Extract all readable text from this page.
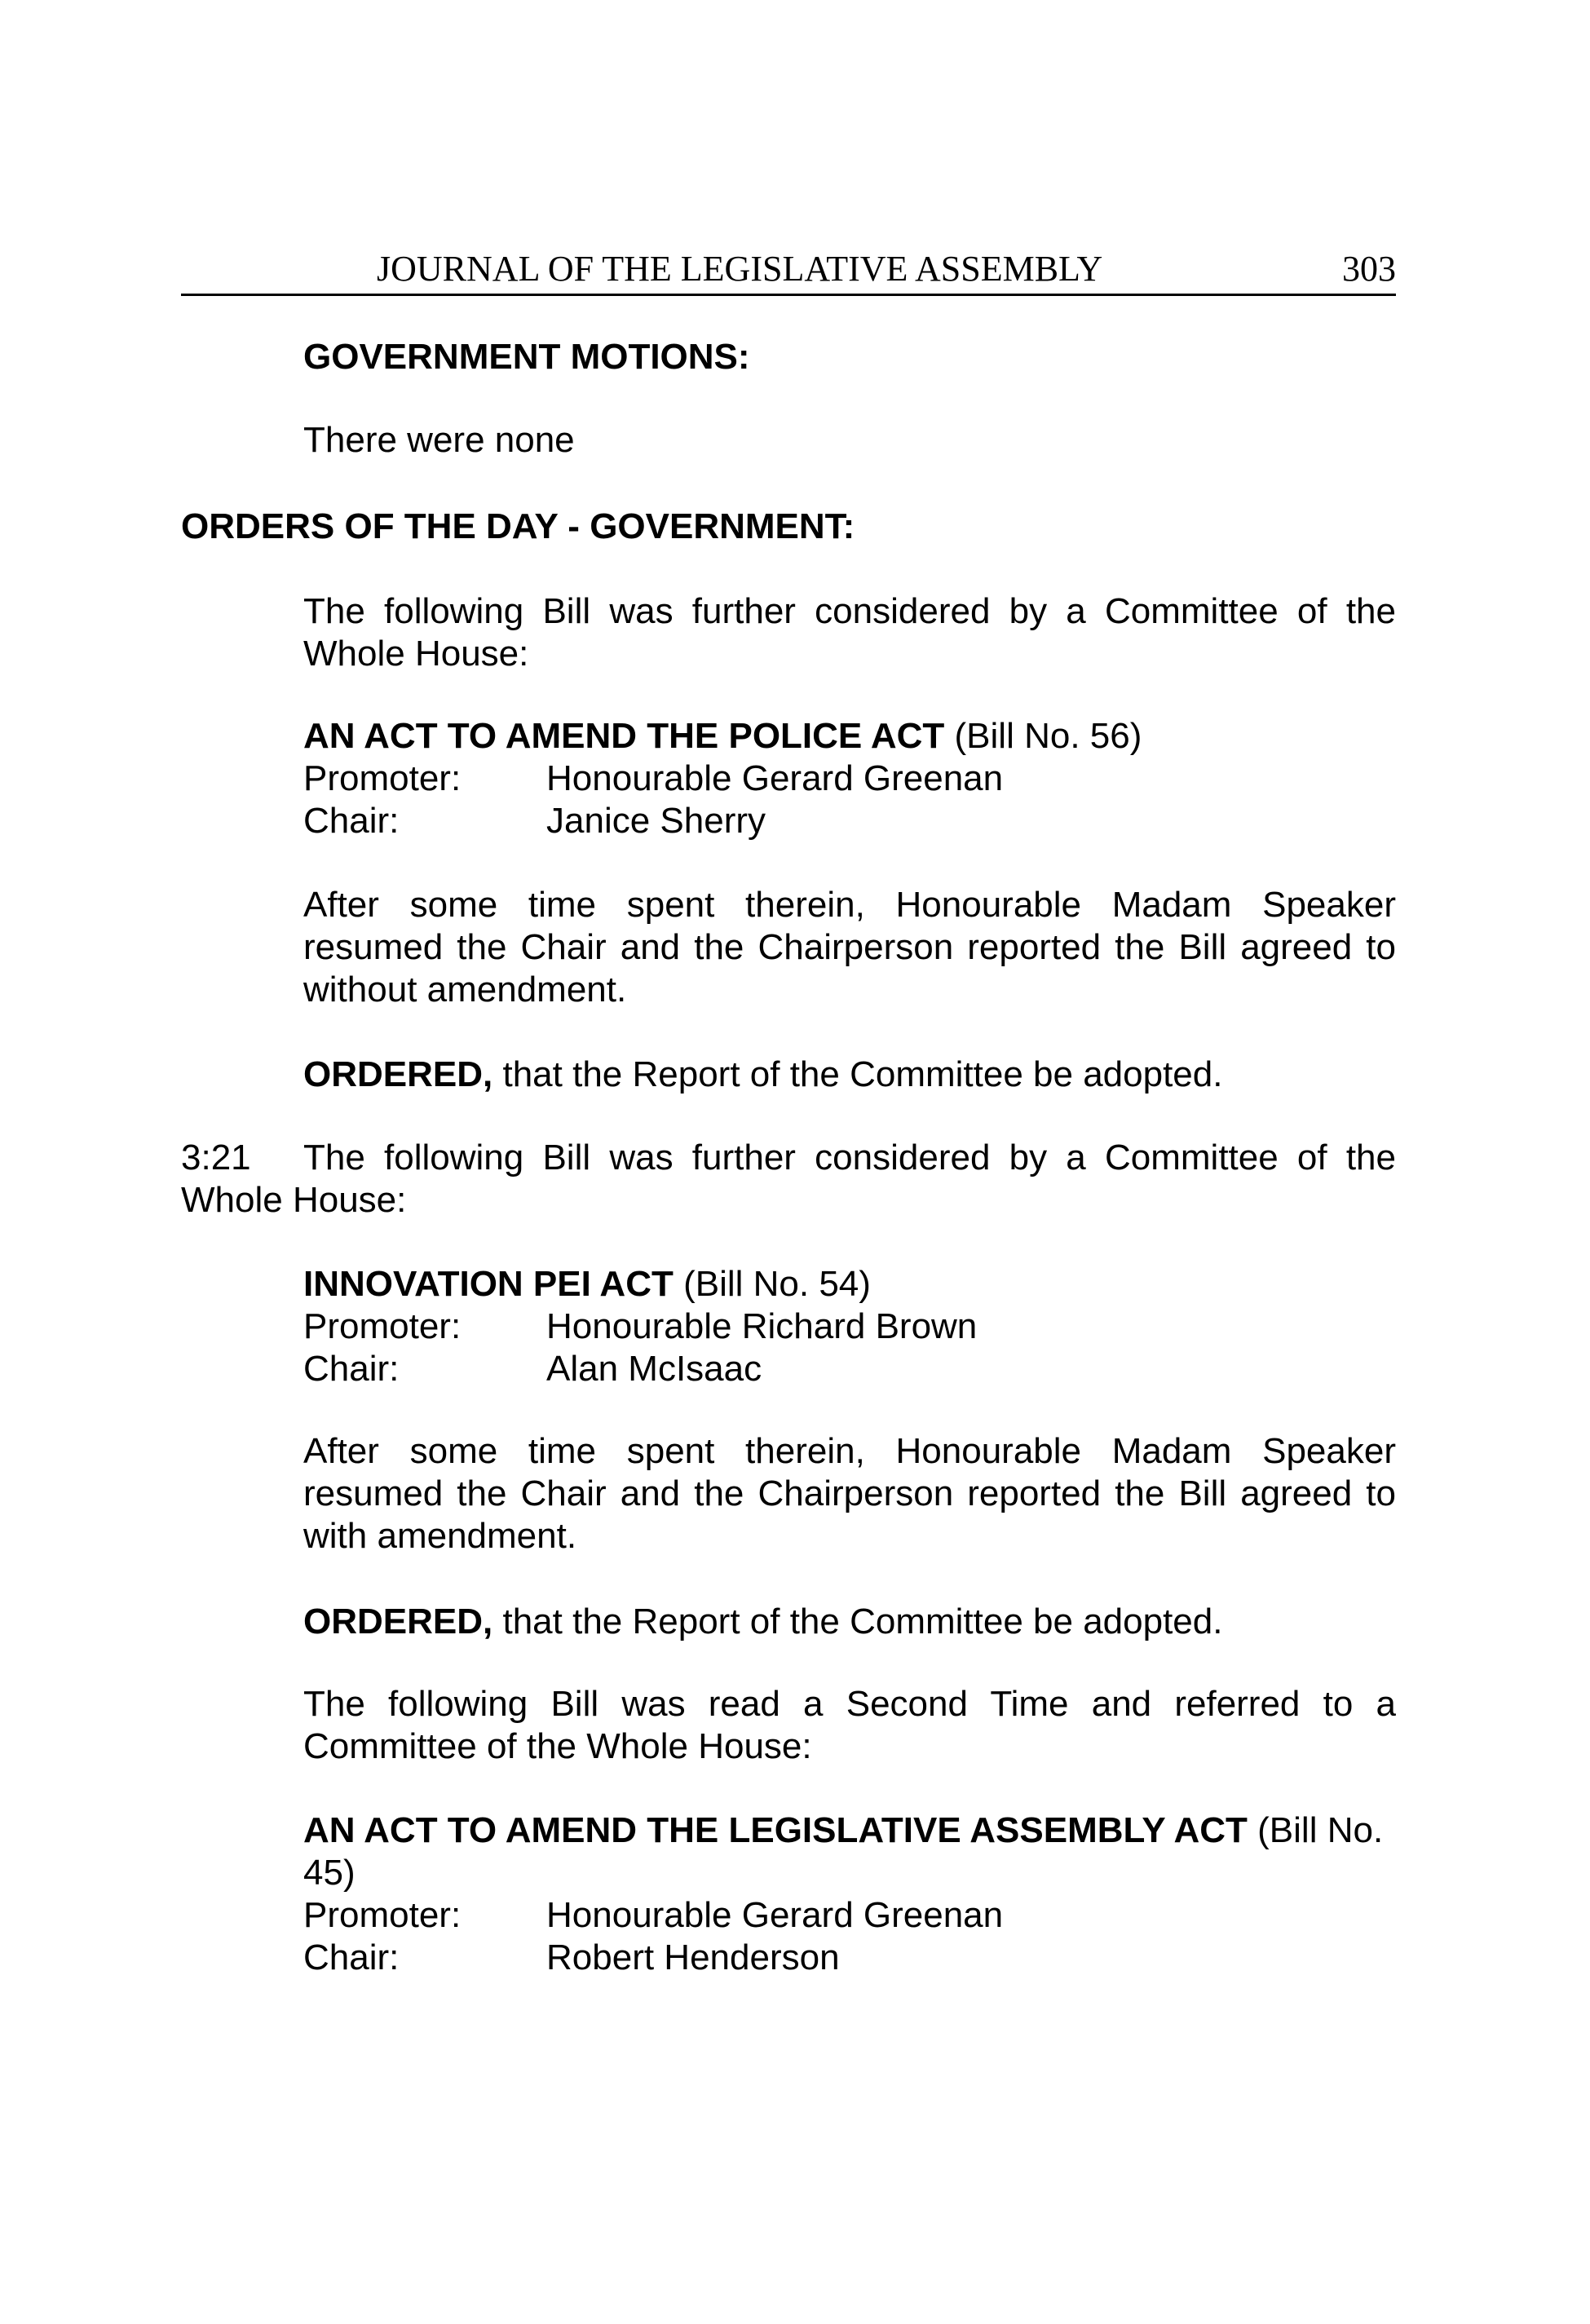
JOURNAL OF THE LEGISLATIVE ASSEMBLY	303
GOVERNMENT MOTIONS:
There were none
ORDERS OF THE DAY - GOVERNMENT:
The following Bill was further considered by a Committee of the Whole House:
AN ACT TO AMEND THE POLICE ACT (Bill No. 56)
Promoter:	Honourable Gerard Greenan
Chair:	Janice Sherry
After some time spent therein, Honourable Madam Speaker resumed the Chair and the Chairperson reported the Bill agreed to without amendment.
ORDERED, that the Report of the Committee be adopted.
3:21 The following Bill was further considered by a Committee of the Whole House:
INNOVATION PEI ACT (Bill No. 54)
Promoter:	Honourable Richard Brown
Chair:	Alan McIsaac
After some time spent therein, Honourable Madam Speaker resumed the Chair and the Chairperson reported the Bill agreed to with amendment.
ORDERED, that the Report of the Committee be adopted.
The following Bill was read a Second Time and referred to a Committee of the Whole House:
AN ACT TO AMEND THE LEGISLATIVE ASSEMBLY ACT (Bill No. 45)
Promoter:	Honourable Gerard Greenan
Chair:	Robert Henderson
